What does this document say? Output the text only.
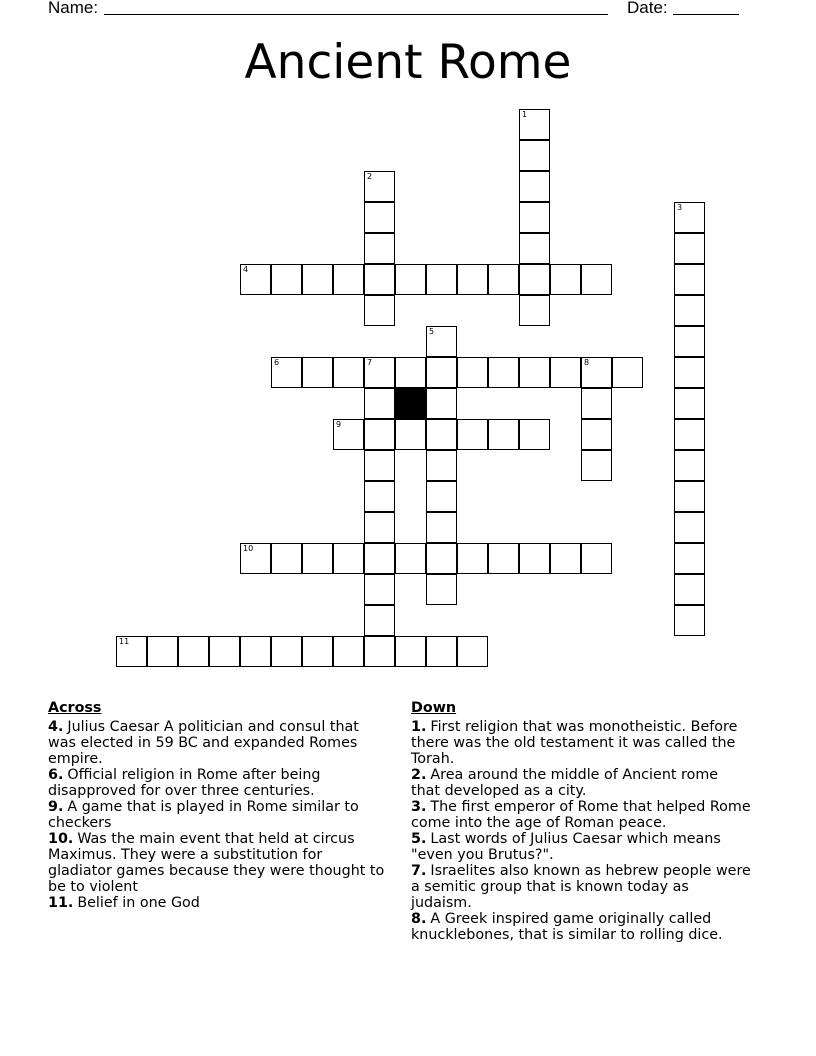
Name:

	Date:

Ancient Rome
1
2
3
4
5
6	7	8
9
10
11
Across
4. Julius Caesar A politician and consul that was elected in 59 BC and expanded Romes empire.
6. Official religion in Rome after being disapproved for over three centuries.
9. A game that is played in Rome similar to checkers
10. Was the main event that held at circus Maximus. They were a substitution for gladiator games because they were thought to be to violent
11. Belief in one God
Down
1. First religion that was monotheistic. Before there was the old testament it was called the Torah.
2. Area around the middle of Ancient rome that developed as a city.
3. The first emperor of Rome that helped Rome come into the age of Roman peace.
5. Last words of Julius Caesar which means "even you Brutus?".
7. Israelites also known as hebrew people were a semitic group that is known today as judaism.
8. A Greek inspired game originally called knucklebones, that is similar to rolling dice.
